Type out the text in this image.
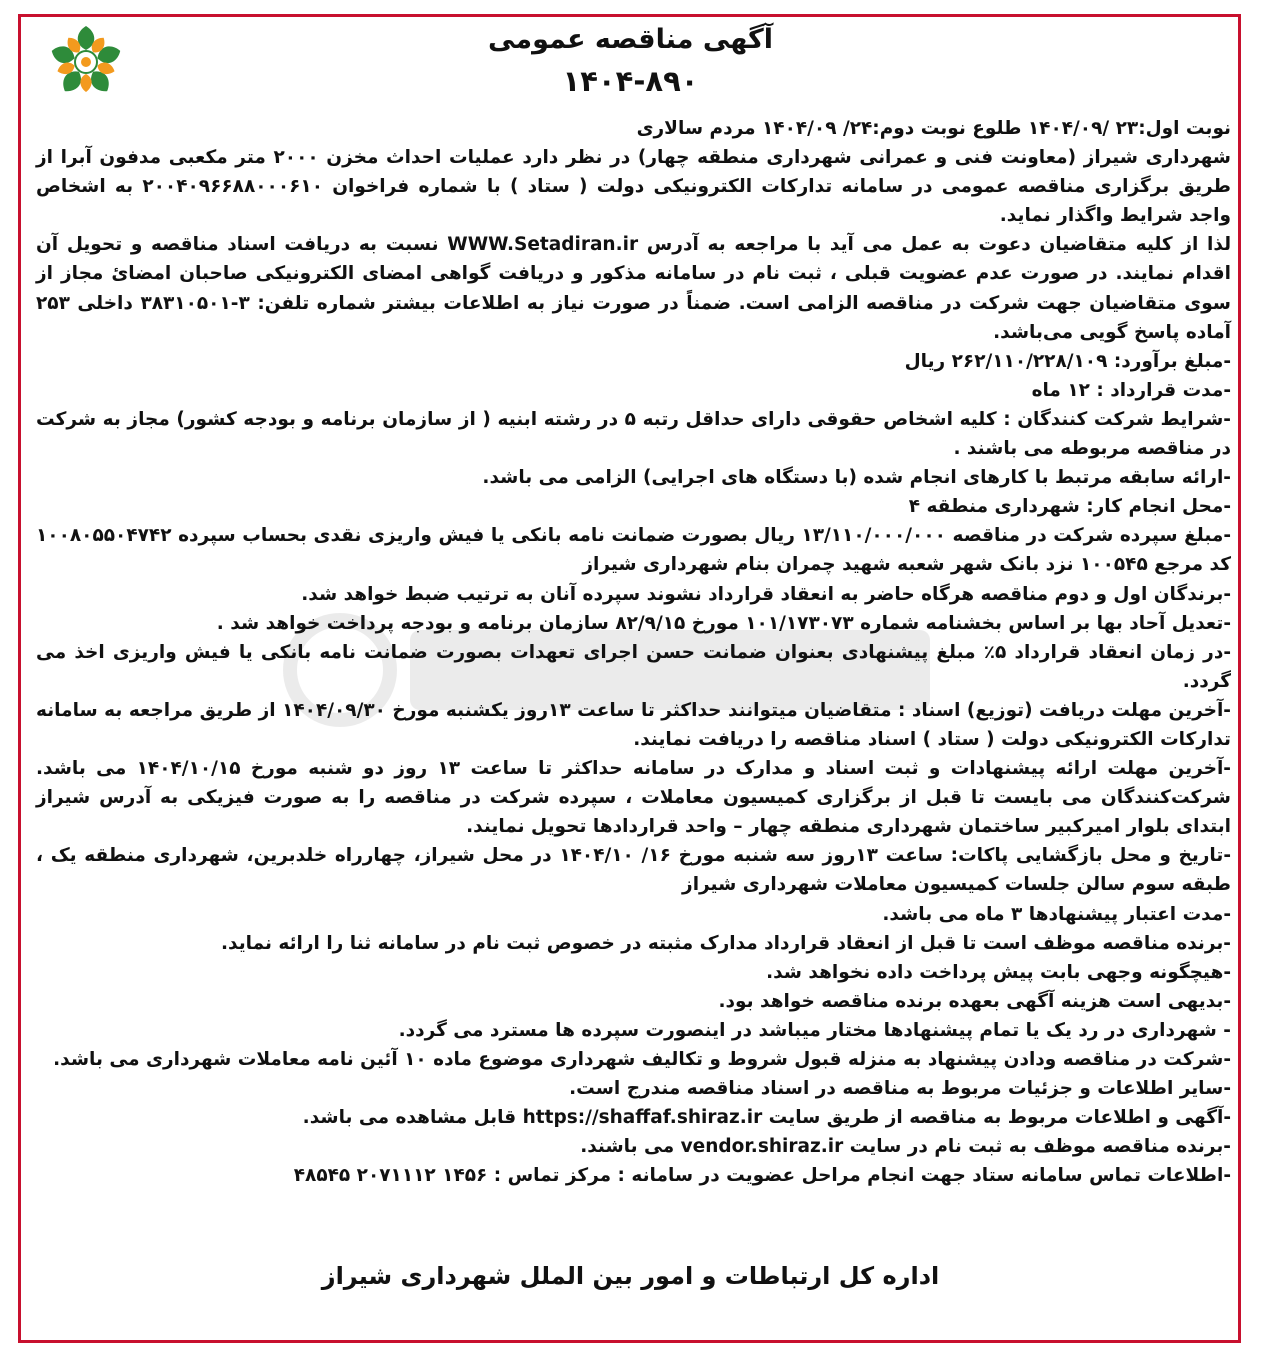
آگهی مناقصه عمومی
۱۴۰۴-۸۹۰
نوبت اول:۲۳ /۱۴۰۴/۰۹ طلوع نوبت دوم:۲۴/ ۱۴۰۴/۰۹ مردم سالاری
شهرداری شیراز (معاونت فنی و عمرانی شهرداری منطقه چهار) در نظر دارد عملیات احداث مخزن ۲۰۰۰ متر مکعبی مدفون آبرا از طریق برگزاری مناقصه عمومی در سامانه تدارکات الکترونیکی دولت ( ستاد ) با شماره فراخوان ۲۰۰۴۰۹۶۶۸۸۰۰۰۶۱۰ به اشخاص واجد شرایط واگذار نماید.
لذا از کلیه متقاضیان دعوت به عمل می آید با مراجعه به آدرس WWW.Setadiran.ir نسبت به دریافت اسناد مناقصه و تحویل آن اقدام نمایند. در صورت عدم عضویت قبلی ، ثبت نام در سامانه مذکور و دریافت گواهی امضای الکترونیکی صاحبان امضائ مجاز از سوی متقاضیان جهت شرکت در مناقصه الزامی است. ضمناً در صورت نیاز به اطلاعات بیشتر شماره تلفن: ۳-۳۸۳۱۰۵۰۱ داخلی ۲۵۳ آماده پاسخ گویی می‌باشد.
-مبلغ برآورد: ۲۶۲/۱۱۰/۲۲۸/۱۰۹ ریال
-مدت قرارداد : ۱۲ ماه
-شرایط شرکت کنندگان : کلیه اشخاص حقوقی دارای حداقل رتبه ۵ در رشته ابنیه ( از سازمان برنامه و بودجه کشور) مجاز به شرکت در مناقصه مربوطه می باشند .
-ارائه سابقه مرتبط با کارهای انجام شده (با دستگاه های اجرایی) الزامی می باشد.
-محل انجام کار: شهرداری منطقه ۴
-مبلغ سپرده شرکت در مناقصه ۱۳/۱۱۰/۰۰۰/۰۰۰ ریال بصورت ضمانت نامه بانکی یا فیش واریزی نقدی بحساب سپرده ۱۰۰۸۰۵۵۰۴۷۴۲ کد مرجع ۱۰۰۵۴۵ نزد بانک شهر شعبه شهید چمران بنام شهرداری شیراز
-برندگان اول و دوم مناقصه هرگاه حاضر به انعقاد قرارداد نشوند سپرده آنان به ترتیب ضبط خواهد شد.
-تعدیل آحاد بها بر اساس بخشنامه شماره ۱۰۱/۱۷۳۰۷۳ مورخ ۸۲/۹/۱۵ سازمان برنامه و بودجه پرداخت خواهد شد .
-در زمان انعقاد قرارداد ۵٪ مبلغ پیشنهادی بعنوان ضمانت حسن اجرای تعهدات بصورت ضمانت نامه بانکی یا فیش واریزی اخذ می گردد.
-آخرین مهلت دریافت (توزیع) اسناد : متقاضیان میتوانند حداکثر تا ساعت ۱۳روز یکشنبه مورخ ۱۴۰۴/۰۹/۳۰ از طریق مراجعه به سامانه تدارکات الکترونیکی دولت ( ستاد ) اسناد مناقصه را دریافت نمایند.
-آخرین مهلت ارائه پیشنهادات و ثبت اسناد و مدارک در سامانه حداکثر تا ساعت ۱۳ روز دو شنبه مورخ ۱۴۰۴/۱۰/۱۵ می باشد. شرکت‌کنندگان می بایست تا قبل از برگزاری کمیسیون معاملات ، سپرده شرکت در مناقصه را به صورت فیزیکی به آدرس شیراز ابتدای بلوار امیرکبیر ساختمان شهرداری منطقه چهار – واحد قراردادها تحویل نمایند.
-تاریخ و محل بازگشایی پاکات: ساعت ۱۳روز سه شنبه مورخ ۱۶/ ۱۴۰۴/۱۰ در محل شیراز، چهارراه خلدبرین، شهرداری منطقه یک ، طبقه سوم سالن جلسات کمیسیون معاملات شهرداری شیراز
-مدت اعتبار پیشنهادها ۳ ماه می باشد.
-برنده مناقصه موظف است تا قبل از انعقاد قرارداد مدارک مثبته در خصوص ثبت نام در سامانه ثنا را ارائه نماید.
-هیچگونه وجهی بابت پیش پرداخت داده نخواهد شد.
-بدیهی است هزینه آگهی بعهده برنده مناقصه خواهد بود.
- شهرداری در رد یک یا تمام پیشنهادها مختار میباشد در اینصورت سپرده ها مسترد می گردد.
-شرکت در مناقصه ودادن پیشنهاد به منزله قبول شروط و تکالیف شهرداری موضوع ماده ۱۰ آئین نامه معاملات شهرداری می باشد.
-سایر اطلاعات و جزئیات مربوط به مناقصه در اسناد مناقصه مندرج است.
-آگهی و اطلاعات مربوط به مناقصه از طریق سایت https://shaffaf.shiraz.ir قابل مشاهده می باشد.
-برنده مناقصه موظف به ثبت نام در سایت vendor.shiraz.ir می باشند.
-اطلاعات تماس سامانه ستاد جهت انجام مراحل عضویت در سامانه : مرکز تماس : ۱۴۵۶ ۲۰۷۱۱۱۲ ۴۸۵۴۵
اداره کل ارتباطات و امور بین الملل شهرداری شیراز
